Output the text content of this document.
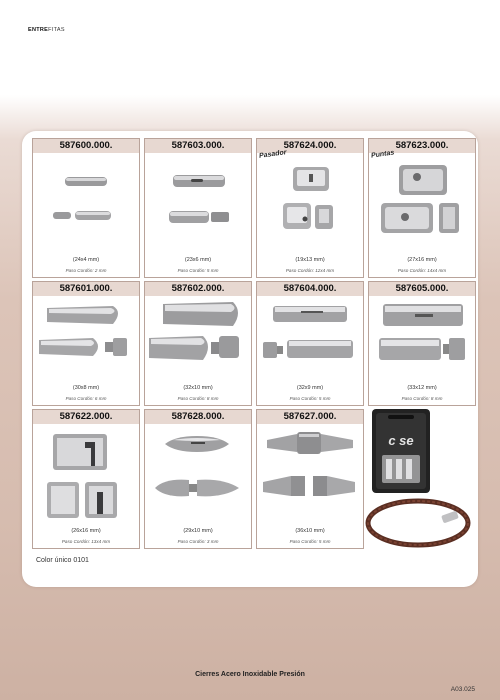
ENTREFITAS
587600.000.
(24x4 mm)
Paso Cordón: 2 mm
587603.000.
(23x6 mm)
Paso Cordón: 5 mm
587624.000.
Pasador
(19x13 mm)
Paso Cordón: 12x4 mm
587623.000.
Puntas
(27x16 mm)
Paso Cordón: 14x4 mm
587601.000.
(30x8 mm)
Paso Cordón: 6 mm
587602.000.
(32x10 mm)
Paso Cordón: 8 mm
587604.000.
(32x9 mm)
Paso Cordón: 5 mm
587605.000.
(33x12 mm)
Paso Cordón: 8 mm
587622.000.
(26x16 mm)
Paso Cordón: 13x4 mm
587628.000.
(29x10 mm)
Paso Cordón: 3 mm
587627.000.
(36x10 mm)
Paso Cordón: 5 mm
c se
Color único 0101
Cierres Acero Inoxidable Presión
A03.025
